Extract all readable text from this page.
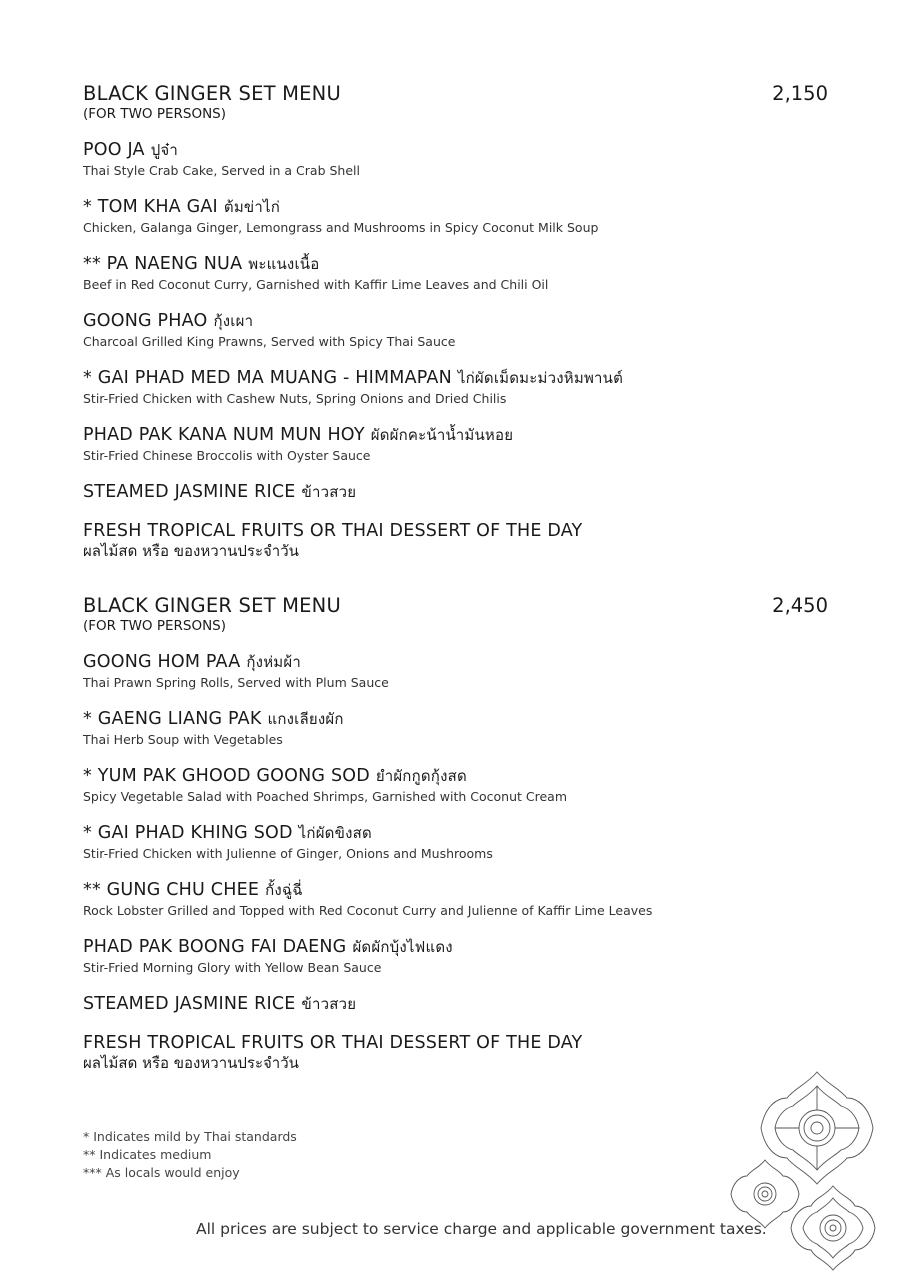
BLACK GINGER SET MENU	2,150
(FOR TWO PERSONS)
POO JA ปูจ๋า
Thai Style Crab Cake, Served in a Crab Shell
* TOM KHA GAI ต้มข่าไก่
Chicken, Galanga Ginger, Lemongrass and Mushrooms in Spicy Coconut Milk Soup
** PA NAENG NUA พะแนงเนื้อ
Beef in Red Coconut Curry, Garnished with Kaffir Lime Leaves and Chili Oil
GOONG PHAO กุ้งเผา
Charcoal Grilled King Prawns, Served with Spicy Thai Sauce
* GAI PHAD MED MA MUANG - HIMMAPAN ไก่ผัดเม็ดมะม่วงหิมพานต์
Stir-Fried Chicken with Cashew Nuts, Spring Onions and Dried Chilis
PHAD PAK KANA NUM MUN HOY ผัดผักคะน้าน้ำมันหอย
Stir-Fried Chinese Broccolis with Oyster Sauce
STEAMED JASMINE RICE ข้าวสวย
FRESH TROPICAL FRUITS OR THAI DESSERT OF THE DAY
ผลไม้สด หรือ ของหวานประจำวัน
BLACK GINGER SET MENU	2,450
(FOR TWO PERSONS)
GOONG HOM PAA กุ้งห่มผ้า
Thai Prawn Spring Rolls, Served with Plum Sauce
* GAENG LIANG PAK แกงเลียงผัก
Thai Herb Soup with Vegetables
* YUM PAK GHOOD GOONG SOD ยำผักกูดกุ้งสด
Spicy Vegetable Salad with Poached Shrimps, Garnished with Coconut Cream
* GAI PHAD KHING SOD ไก่ผัดขิงสด
Stir-Fried Chicken with Julienne of Ginger, Onions and Mushrooms
** GUNG CHU CHEE กั้งฉู่ฉี่
Rock Lobster Grilled and Topped with Red Coconut Curry and Julienne of Kaffir Lime Leaves
PHAD PAK BOONG FAI DAENG ผัดผักบุ้งไฟแดง
Stir-Fried Morning Glory with Yellow Bean Sauce
STEAMED JASMINE RICE ข้าวสวย
FRESH TROPICAL FRUITS OR THAI DESSERT OF THE DAY
ผลไม้สด หรือ ของหวานประจำวัน
* Indicates mild by Thai standards
** Indicates medium
*** As locals would enjoy
All prices are subject to service charge and applicable government taxes.
